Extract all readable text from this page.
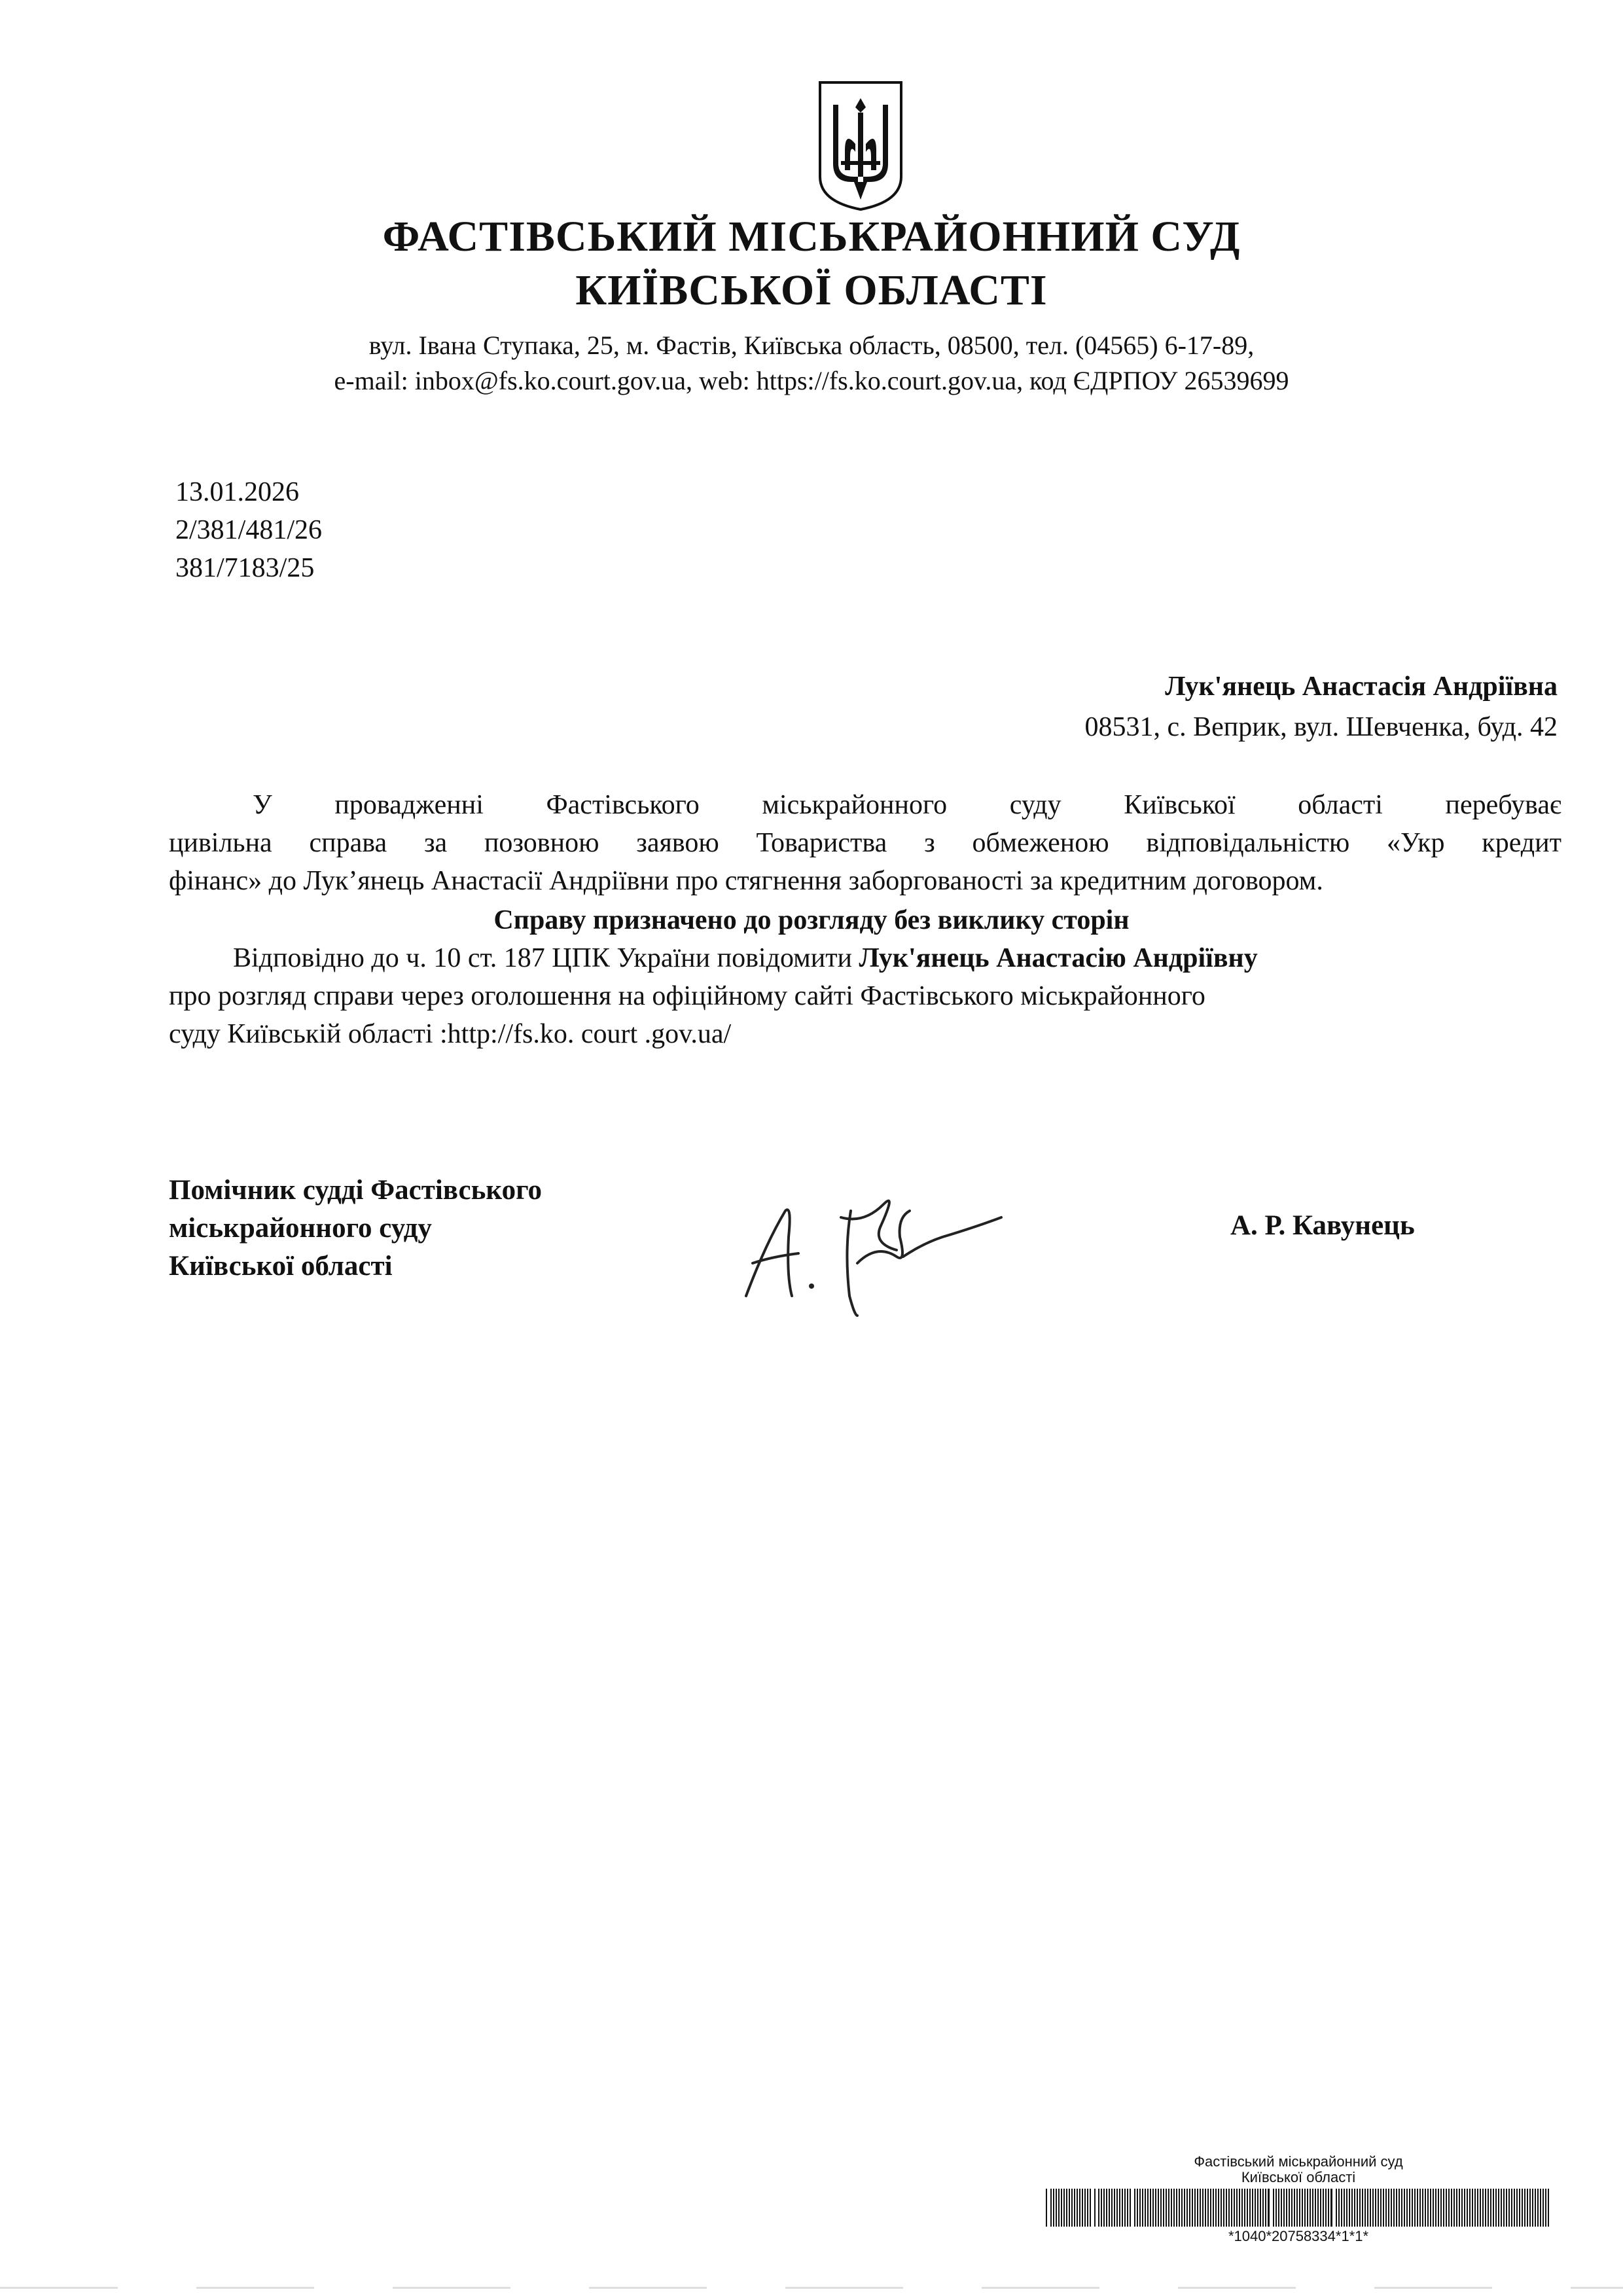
ФАСТІВСЬКИЙ МІСЬКРАЙОННИЙ СУД
КИЇВСЬКОЇ ОБЛАСТІ
вул. Івана Ступака, 25, м. Фастів, Київська область, 08500, тел. (04565) 6-17-89,
e-mail: inbox@fs.ko.court.gov.ua, web: https://fs.ko.court.gov.ua, код ЄДРПОУ 26539699
13.01.2026
2/381/481/26
381/7183/25
Лук'янець Анастасія Андріївна
08531, с. Веприк, вул. Шевченка, буд. 42
У провадженні Фастівського міськрайонного суду Київської області перебуває
цивільна справа за позовною заявою Товариства з обмеженою відповідальністю «Укр кредит
фінанс» до Лук’янець Анастасії Андріївни про стягнення заборгованості за кредитним договором.
Справу призначено до розгляду без виклику сторін
Відповідно до ч. 10 ст. 187 ЦПК України повідомити Лук'янець Анастасію Андріївну
про розгляд справи через оголошення на офіційному сайті Фастівського міськрайонного
суду Київській області :http://fs.ko. court .gov.ua/
Помічник судді Фастівського
міськрайонного суду
Київської області
А. Р. Кавунець
Фастівський міськрайонний суд
Київської області
*1040*20758334*1*1*
